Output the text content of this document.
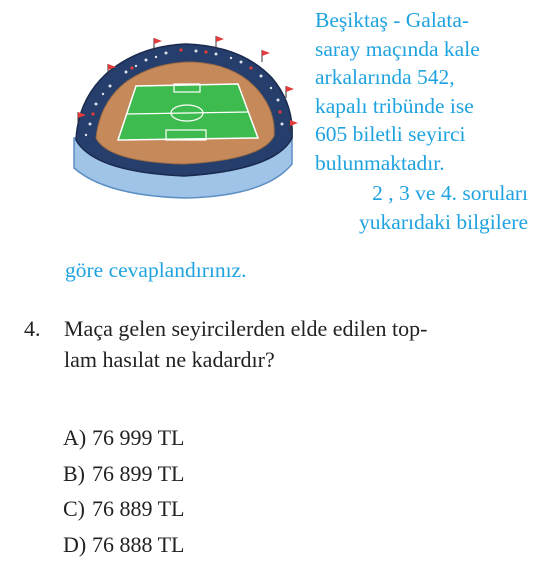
Beşiktaş - Galata-
saray maçında kale
arkalarında 542,
kapalı tribünde ise
605 biletli seyirci
bulunmaktadır.
2 , 3 ve 4. soruları
yukarıdaki bilgilere
göre cevaplandırınız.
4.	Maça gelen seyircilerden elde edilen top-
lam hasılat ne kadardır?
A) 76 999 TL
B) 76 899 TL
C) 76 889 TL
D) 76 888 TL
